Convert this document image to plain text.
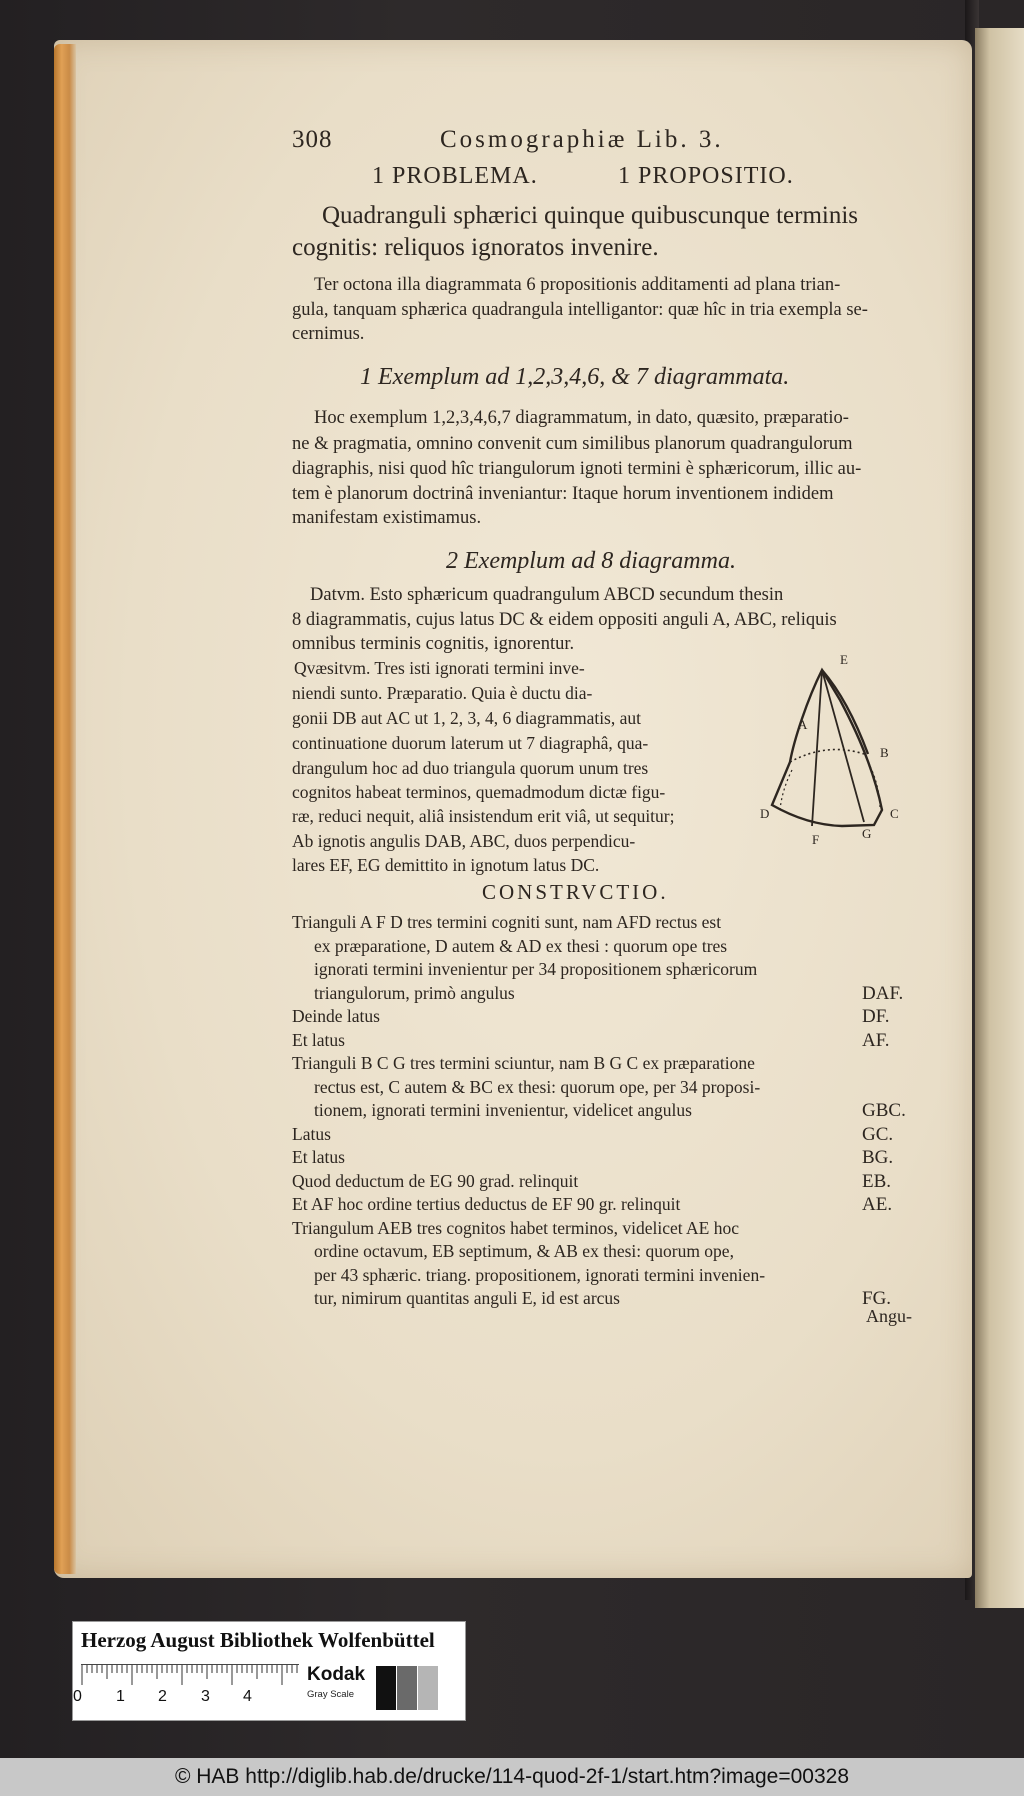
308	Cosmographiæ Lib. 3.
1 PROBLEMA.	1 PROPOSITIO.
Quadranguli sphærici quinque quibuscunque terminis
cognitis: reliquos ignoratos invenire.
Ter octona illa diagrammata 6 propositionis additamenti ad plana trian-
gula, tanquam sphærica quadrangula intelligantor: quæ hîc in tria exempla se-
cernimus.
1 Exemplum ad 1,2,3,4,6, & 7 diagrammata.
Hoc exemplum 1,2,3,4,6,7 diagrammatum, in dato, quæsito, præparatio-
ne & pragmatia, omnino convenit cum similibus planorum quadrangulorum
diagraphis, nisi quod hîc triangulorum ignoti termini è sphæricorum, illic au-
tem è planorum doctrinâ inveniantur: Itaque horum inventionem indidem
manifestam existimamus.
2 Exemplum ad 8 diagramma.
Datvm. Esto sphæricum quadrangulum ABCD secundum thesin
8 diagrammatis, cujus latus DC & eidem oppositi anguli A, ABC, reliquis
omnibus terminis cognitis, ignorentur.
Qvæsitvm. Tres isti ignorati termini inve-
niendi sunto. Præparatio. Quia è ductu dia-
gonii DB aut AC ut 1, 2, 3, 4, 6 diagrammatis, aut
continuatione duorum laterum ut 7 diagraphâ, qua-
drangulum hoc ad duo triangula quorum unum tres
cognitos habeat terminos, quemadmodum dictæ figu-
ræ, reduci nequit, aliâ insistendum erit viâ, ut sequitur;
Ab ignotis angulis DAB, ABC, duos perpendicu-
lares EF, EG demittito in ignotum latus DC.
E
A
B
D	C
F	G
CONSTRVCTIO.
Trianguli A F D tres termini cogniti sunt, nam AFD rectus est
ex præparatione, D autem & AD ex thesi : quorum ope tres
ignorati termini invenientur per 34 propositionem sphæricorum
triangulorum, primò angulus	DAF.
Deinde latus	DF.
Et latus	AF.
Trianguli B C G tres termini sciuntur, nam B G C ex præparatione
rectus est, C autem & BC ex thesi: quorum ope, per 34 proposi-
tionem, ignorati termini invenientur, videlicet angulus	GBC.
Latus	GC.
Et latus	BG.
Quod deductum de EG 90 grad. relinquit	EB.
Et AF hoc ordine tertius deductus de EF 90 gr. relinquit	AE.
Triangulum AEB tres cognitos habet terminos, videlicet AE hoc
ordine octavum, EB septimum, & AB ex thesi: quorum ope,
per 43 sphæric. triang. propositionem, ignorati termini invenien-
tur, nimirum quantitas anguli E, id est arcus	FG.
Angu-
Herzog August Bibliothek Wolfenbüttel
Kodak
Gray Scale
0 1 2 3 4
© HAB http://diglib.hab.de/drucke/114-quod-2f-1/start.htm?image=00328
